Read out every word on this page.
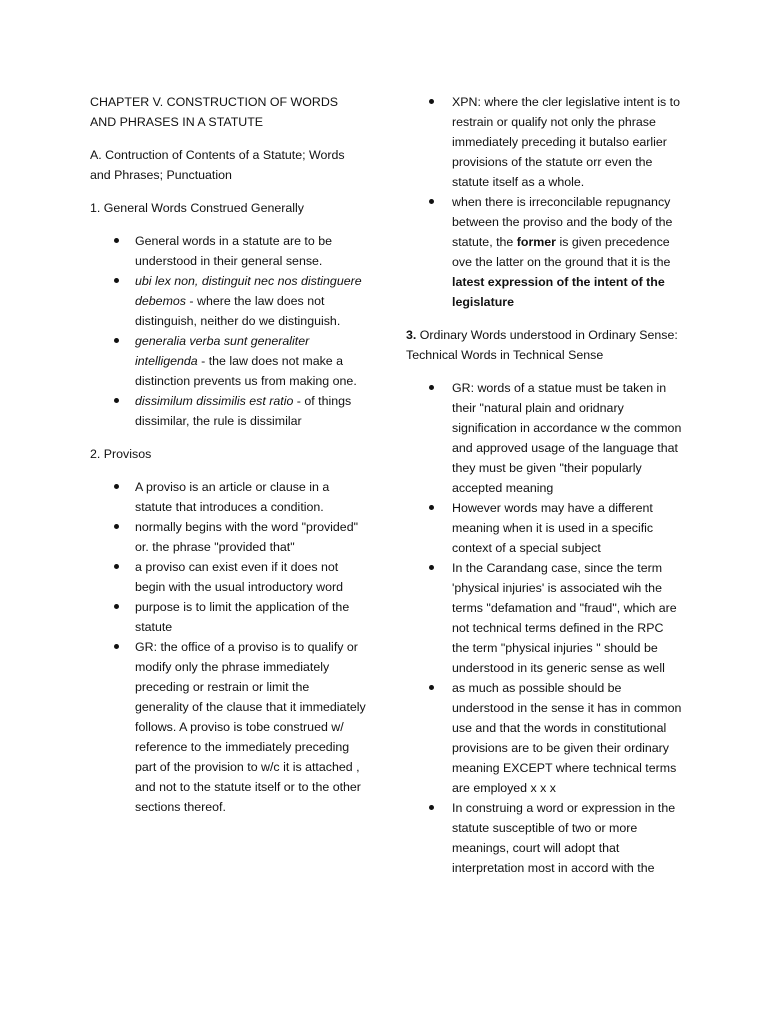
CHAPTER V. CONSTRUCTION OF WORDS AND PHRASES IN A STATUTE

A. Contruction of Contents of a Statute; Words and Phrases; Punctuation

1. General Words Construed Generally

General words in a statute are to be understood in their general sense.
ubi lex non, distinguit nec nos distinguere debemos - where the law does not distinguish, neither do we distinguish.
generalia verba sunt generaliter intelligenda - the law does not make a distinction prevents us from making one.
dissimilum dissimilis est ratio - of things dissimilar, the rule is dissimilar

2. Provisos

A proviso is an article or clause in a statute that introduces a condition.
normally begins with the word "provided" or. the phrase "provided that"
a proviso can exist even if it does not begin with the usual introductory word
purpose is to limit the application of the statute
GR: the office of a proviso is to qualify or modify only the phrase immediately preceding or restrain or limit the generality of the clause that it immediately follows. A proviso is tobe construed w/ reference to the immediately preceding part of the provision to w/c it is attached , and not to the statute itself or to the other sections thereof.
XPN: where the cler legislative intent is to restrain or qualify not only the phrase immediately preceding it butalso earlier provisions of the statute orr even the statute itself as a whole.
when there is irreconcilable repugnancy between the proviso and the body of the statute, the former is given precedence ove the latter on the ground that it is the latest expression of the intent of the legislature

3. Ordinary Words understood in Ordinary Sense: Technical Words in Technical Sense

GR: words of a statue must be taken in their "natural plain and oridnary signification in accordance w the common and approved usage of the language that they must be given "their popularly accepted meaning
However words may have a different meaning when it is used in a specific context of a special subject
In the Carandang case, since the term 'physical injuries' is associated wih the terms "defamation and "fraud", which are not technical terms defined in the RPC the term "physical injuries " should be understood in its generic sense as well
as much as possible should be understood in the sense it has in common use and that the words in constitutional provisions are to be given their ordinary meaning EXCEPT where technical terms are employed x x x
In construing a word or expression in the statute susceptible of two or more meanings, court will adopt that interpretation most in accord with the
